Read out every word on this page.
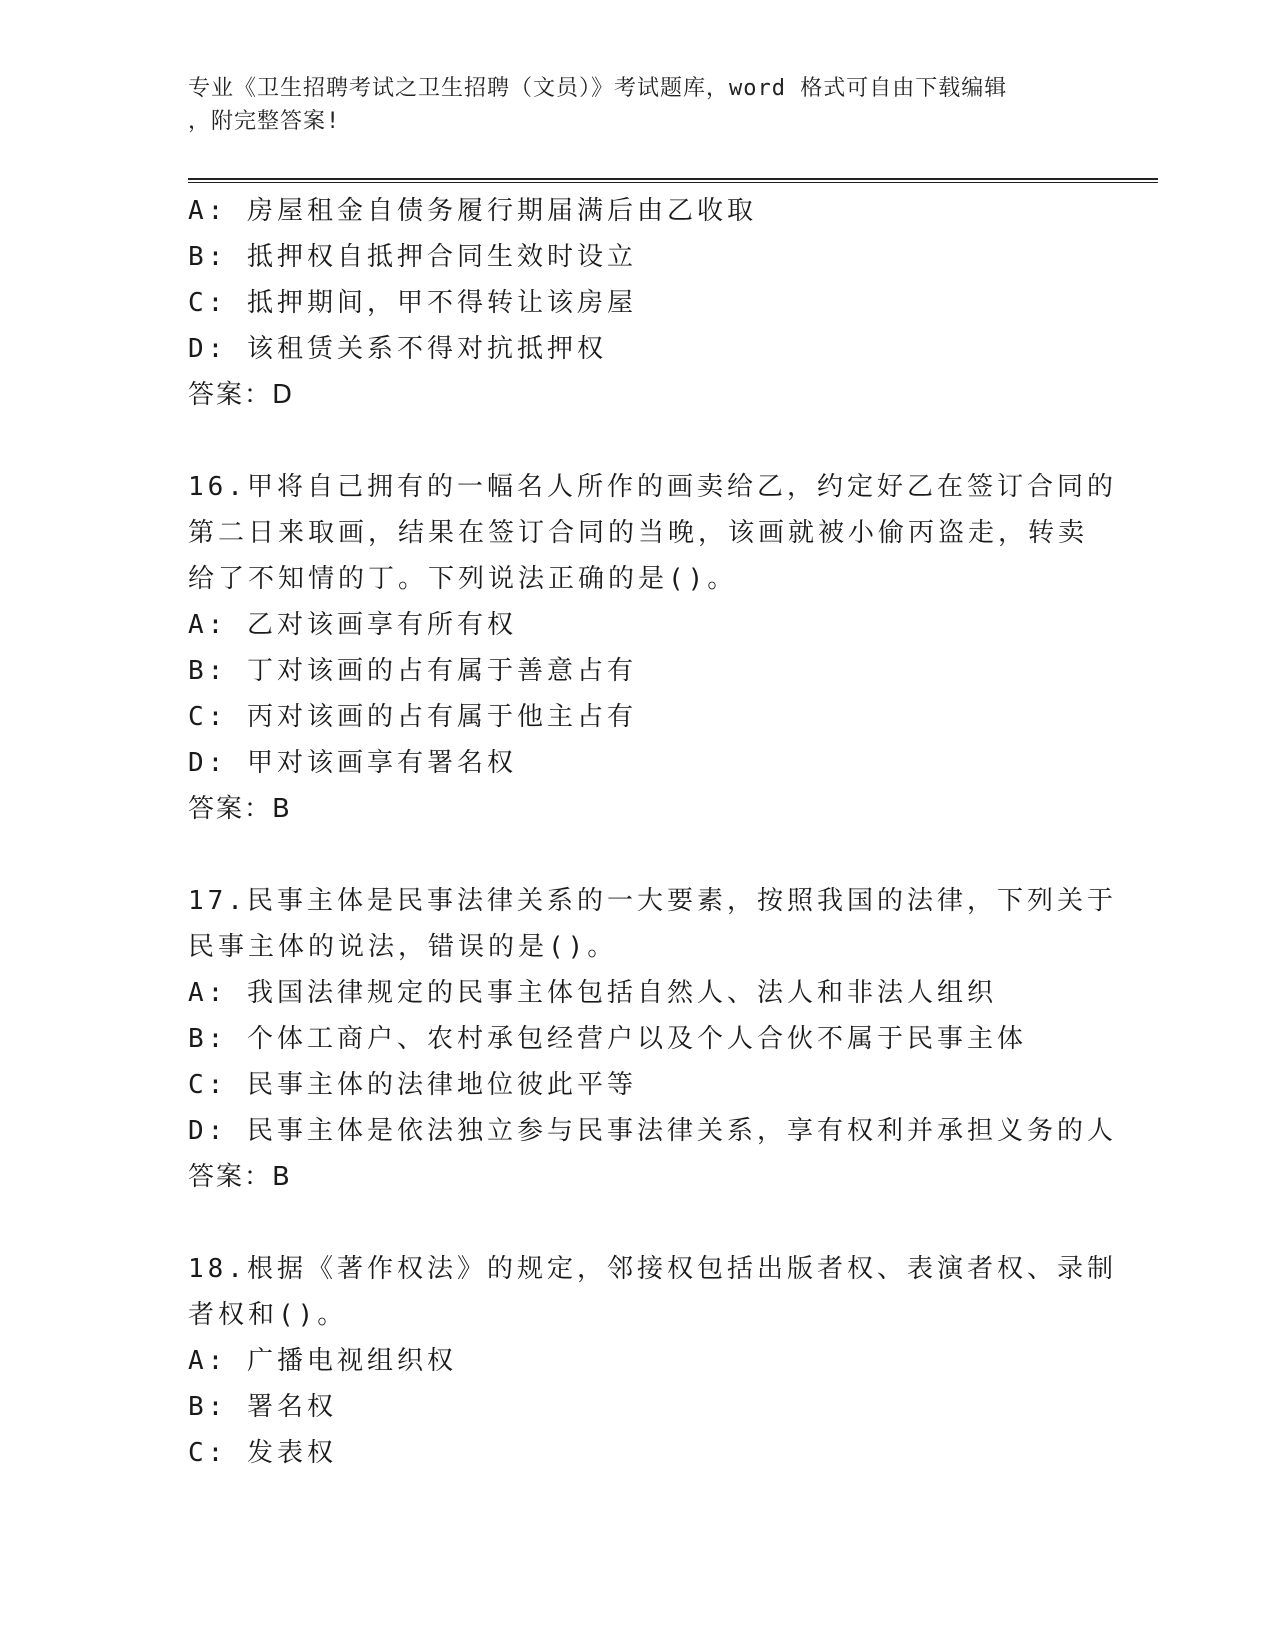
专业《卫生招聘考试之卫生招聘（文员）》考试题库，word 格式可自由下载编辑
，附完整答案!
A: 房屋租金自债务履行期届满后由乙收取
B: 抵押权自抵押合同生效时设立
C: 抵押期间，甲不得转让该房屋
D: 该租赁关系不得对抗抵押权
答案：D
16.甲将自己拥有的一幅名人所作的画卖给乙，约定好乙在签订合同的
第二日来取画，结果在签订合同的当晚，该画就被小偷丙盗走，转卖
给了不知情的丁。下列说法正确的是()。
A: 乙对该画享有所有权
B: 丁对该画的占有属于善意占有
C: 丙对该画的占有属于他主占有
D: 甲对该画享有署名权
答案：B
17.民事主体是民事法律关系的一大要素，按照我国的法律，下列关于
民事主体的说法，错误的是()。
A: 我国法律规定的民事主体包括自然人、法人和非法人组织
B: 个体工商户、农村承包经营户以及个人合伙不属于民事主体
C: 民事主体的法律地位彼此平等
D: 民事主体是依法独立参与民事法律关系，享有权利并承担义务的人
答案：B
18.根据《著作权法》的规定，邻接权包括出版者权、表演者权、录制
者权和()。
A: 广播电视组织权
B: 署名权
C: 发表权
